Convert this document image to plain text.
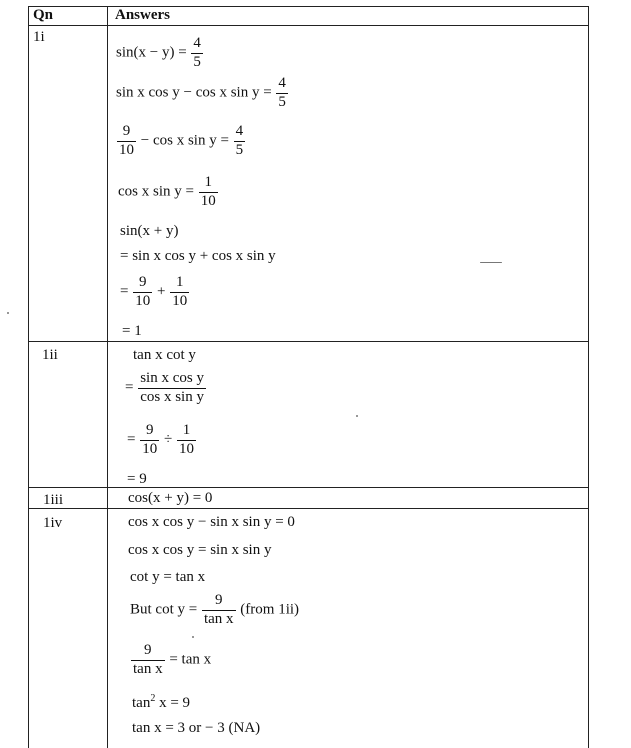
Qn	Answers
1i
$\sin(x - y) = \frac{4}{5}$
sin x cos y − cos x $\sin y = \frac{4}{5}$
$\frac{9}{10} - \cos x$ $\sin y = \frac{4}{5}$
cos x $\sin y = \frac{1}{10}$
sin(x + y)
= sin x cos y + cos x sin y
= $\frac{9}{10} + \frac{1}{10}$
= 1
1ii	tan x cot y
= $\frac{\text{sin x cos y}}{\text{cos x sin y}}$
= $\frac{9}{10} \div \frac{1}{10}$
= 9
1iii	cos(x + y) = 0
1iv	cos x cos y − sin x sin y = 0
cos x cos y = sin x sin y
cot y = tan x
But $\cot y = \frac{9}{\text{tan x}}$ (from 1ii)
$\frac{9}{\text{tan x}} = \tan x$
$\tan^2 x = 9$
tan x = 3 or − 3 (NA)
